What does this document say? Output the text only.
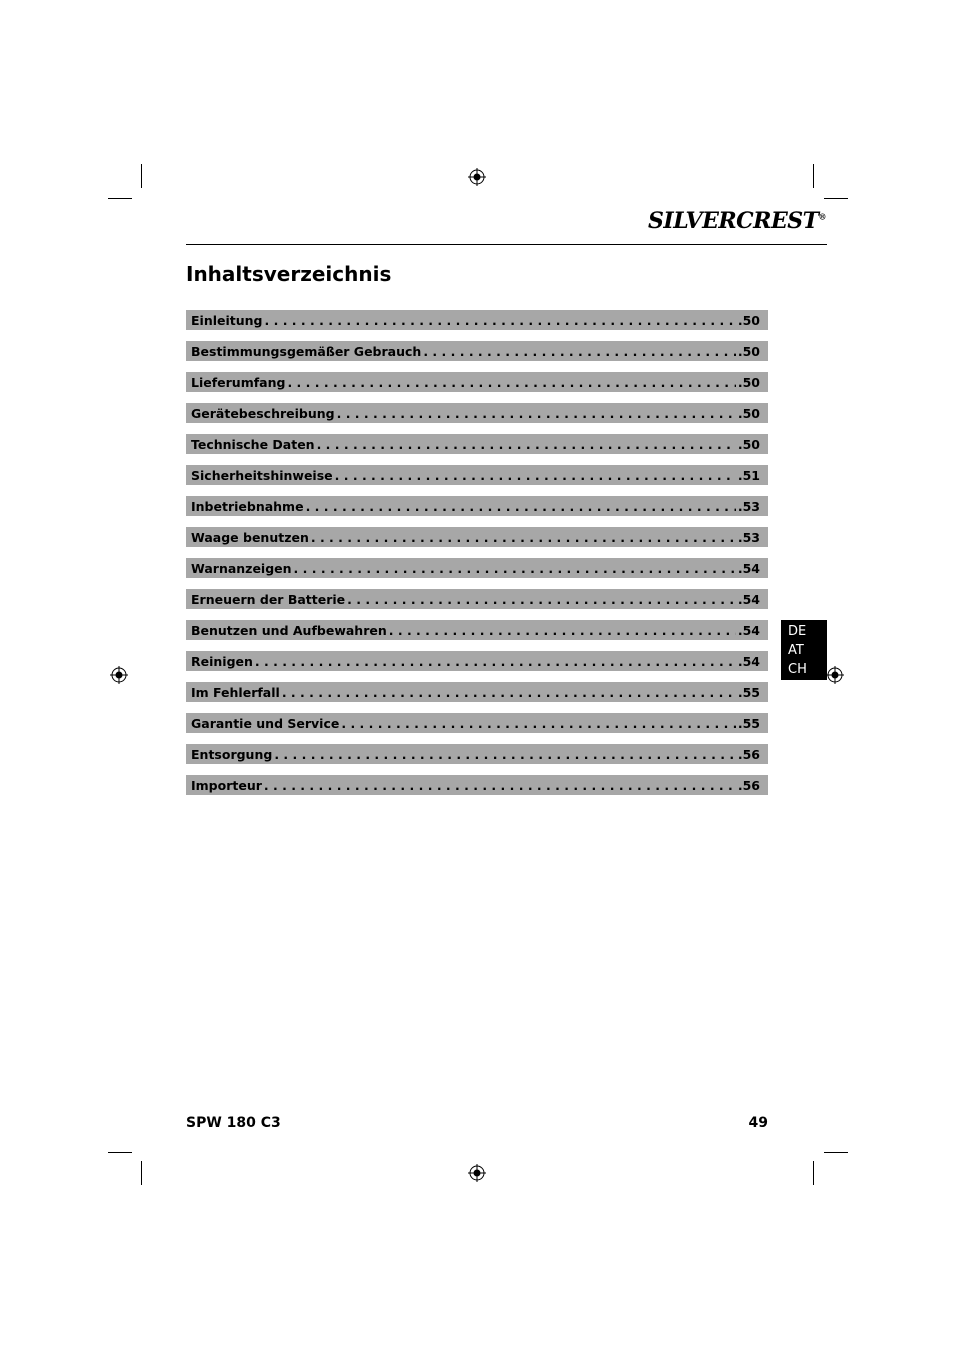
SILVERCREST®
Inhaltsverzeichnis
Einleitung . . .	.50
Bestimmungsgemäßer Gebrauch . . .	.50
Lieferumfang . . .	.50
Gerätebeschreibung . . .	.50
Technische Daten . . .	.50
Sicherheitshinweise . . .	.51
Inbetriebnahme . . .	.53
Waage benutzen . . .	.53
Warnanzeigen . . .	.54
Erneuern der Batterie . . .	.54
Benutzen und Aufbewahren . . .	.54
Reinigen . . .	.54
Im Fehlerfall . . .	.55
Garantie und Service . . .	.55
Entsorgung . . .	.56
Importeur . . .	.56
DE
AT
CH
SPW 180 C3	49
